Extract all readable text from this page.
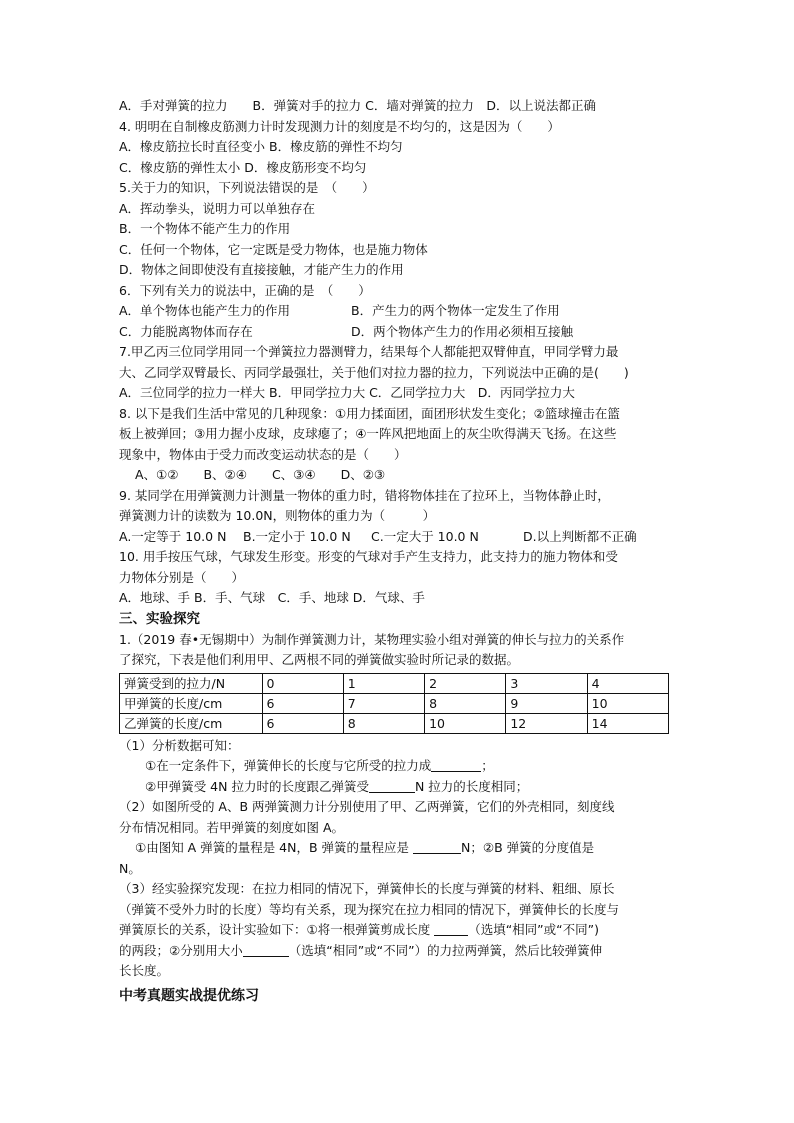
A．手对弹簧的拉力　　B．弹簧对手的拉力 C．墙对弹簧的拉力　D．以上说法都正确
4. 明明在自制橡皮筋测力计时发现测力计的刻度是不均匀的，这是因为（　　）
A．橡皮筋拉长时直径变小 B．橡皮筋的弹性不均匀
C．橡皮筋的弹性太小 D．橡皮筋形变不均匀
5.关于力的知识，下列说法错误的是　（　　）
A．挥动拳头，说明力可以单独存在
B．一个物体不能产生力的作用
C．任何一个物体，它一定既是受力物体，也是施力物体
D．物体之间即使没有直接接触，才能产生力的作用
6．下列有关力的说法中，正确的是　（　　）
A．单个物体也能产生力的作用	B．产生力的两个物体一定发生了作用
C．力能脱离物体而存在	D．两个物体产生力的作用必须相互接触
7.甲乙丙三位同学用同一个弹簧拉力器测臂力，结果每个人都能把双臂伸直，甲同学臂力最
大、乙同学双臂最长、丙同学最强壮，关于他们对拉力器的拉力，下列说法中正确的是(　　)
A．三位同学的拉力一样大 B．甲同学拉力大 C．乙同学拉力大　D．丙同学拉力大
8. 以下是我们生活中常见的几种现象：①用力揉面团，面团形状发生变化；②篮球撞击在篮
板上被弹回；③用力握小皮球，皮球瘪了；④一阵风把地面上的灰尘吹得满天飞扬。在这些
现象中，物体由于受力而改变运动状态的是（　　）
A、①②　　B、②④　　C、③④　　D、②③
9. 某同学在用弹簧测力计测量一物体的重力时，错将物体挂在了拉环上，当物体静止时，
弹簧测力计的读数为 10.0N，则物体的重力为（　　　）
A.一定等于 10.0 N	B.一定小于 10.0 N	C.一定大于 10.0 N	D.以上判断都不正确
10. 用手按压气球，气球发生形变。形变的气球对手产生支持力，此支持力的施力物体和受
力物体分别是（　　）
A．地球、手 B．手、气球　C．手、地球 D．气球、手
三、实验探究
1.（2019 春•无锡期中）为制作弹簧测力计，某物理实验小组对弹簧的伸长与拉力的关系作
了探究，下表是他们利用甲、乙两根不同的弹簧做实验时所记录的数据。
弹簧受到的拉力/N	0	1	2	3	4
甲弹簧的长度/cm	6	7	8	9	10
乙弹簧的长度/cm	6	8	10	12	14
（1）分析数据可知：
①在一定条件下，弹簧伸长的长度与它所受的拉力成	；
②甲弹簧受 4N 拉力时的长度跟乙弹簧受	N 拉力的长度相同；
（2）如图所受的 A、B 两弹簧测力计分别使用了甲、乙两弹簧，它们的外壳相同，刻度线
分布情况相同。若甲弹簧的刻度如图 A。
①由图知 A 弹簧的量程是 4N，B 弹簧的量程应是	N；②B 弹簧的分度值是
N。
（3）经实验探究发现：在拉力相同的情况下，弹簧伸长的长度与弹簧的材料、粗细、原长
（弹簧不受外力时的长度）等均有关系，现为探究在拉力相同的情况下，弹簧伸长的长度与
弹簧原长的关系，设计实验如下：①将一根弹簧剪成长度	（选填“相同”或“不同”)
的两段；②分别用大小	（选填“相同”或“不同”）的力拉两弹簧，然后比较弹簧伸
长长度。
中考真题实战提优练习
